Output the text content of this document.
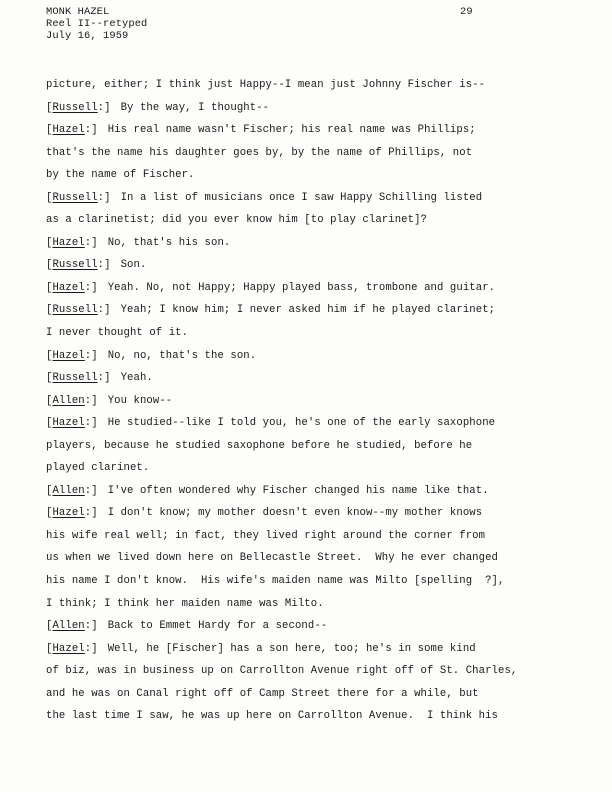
MONK HAZEL
Reel II--retyped
July 16, 1959
29
picture, either; I think just Happy--I mean just Johnny Fischer is--
[Russell:] By the way, I thought--
[Hazel:] His real name wasn't Fischer; his real name was Phillips;
that's the name his daughter goes by, by the name of Phillips, not
by the name of Fischer.
[Russell:] In a list of musicians once I saw Happy Schilling listed
as a clarinetist; did you ever know him [to play clarinet]?
[Hazel:] No, that's his son.
[Russell:] Son.
[Hazel:] Yeah. No, not Happy; Happy played bass, trombone and guitar.
[Russell:] Yeah; I know him; I never asked him if he played clarinet;
I never thought of it.
[Hazel:] No, no, that's the son.
[Russell:] Yeah.
[Allen:] You know--
[Hazel:] He studied--like I told you, he's one of the early saxophone
players, because he studied saxophone before he studied, before he
played clarinet.
[Allen:] I've often wondered why Fischer changed his name like that.
[Hazel:] I don't know; my mother doesn't even know--my mother knows
his wife real well; in fact, they lived right around the corner from
us when we lived down here on Bellecastle Street.  Why he ever changed
his name I don't know.  His wife's maiden name was Milto [spelling  ?],
I think; I think her maiden name was Milto.
[Allen:] Back to Emmet Hardy for a second--
[Hazel:] Well, he [Fischer] has a son here, too; he's in some kind
of biz, was in business up on Carrollton Avenue right off of St. Charles,
and he was on Canal right off of Camp Street there for a while, but
the last time I saw, he was up here on Carrollton Avenue.  I think his
